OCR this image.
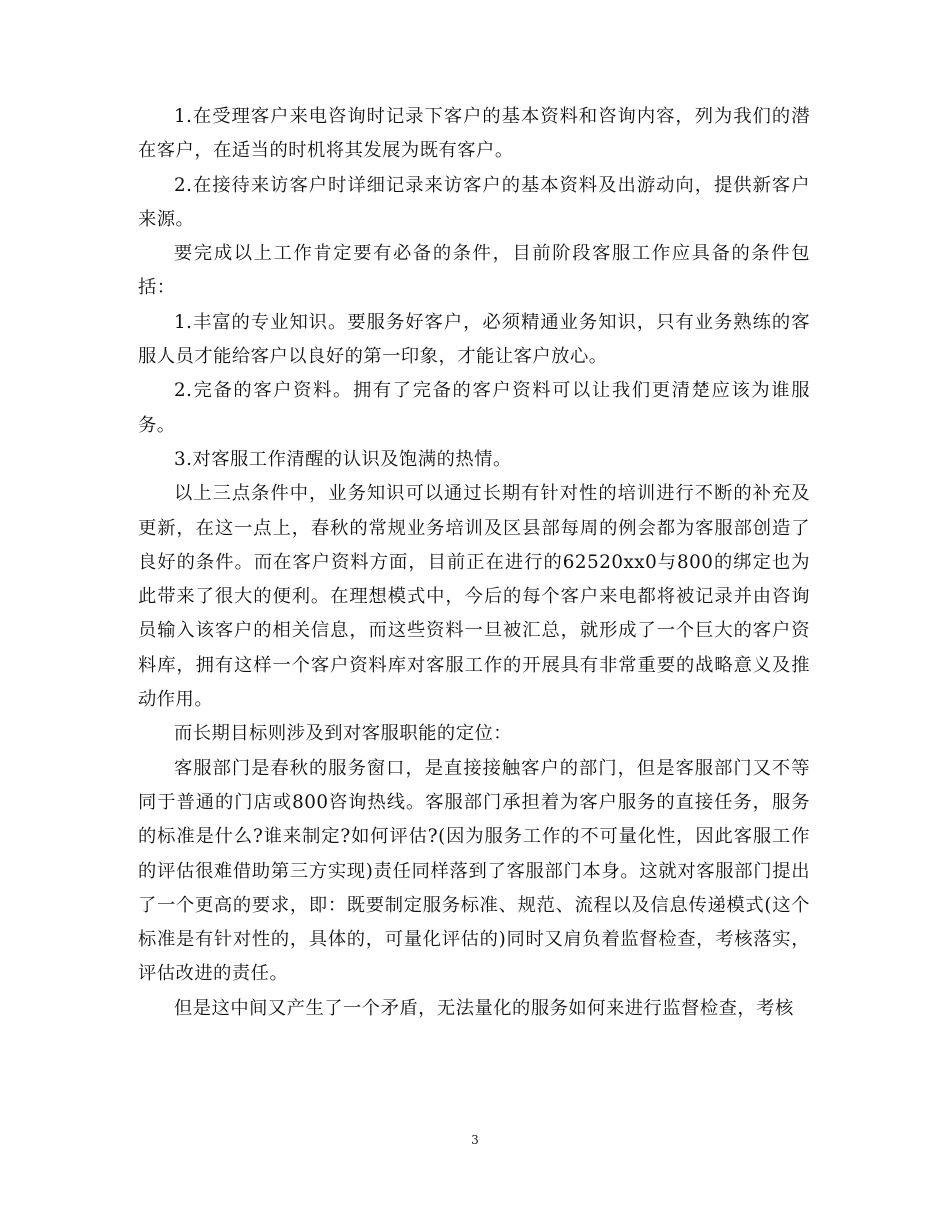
1.在受理客户来电咨询时记录下客户的基本资料和咨询内容，列为我们的潜在客户，在适当的时机将其发展为既有客户。

2.在接待来访客户时详细记录来访客户的基本资料及出游动向，提供新客户来源。

要完成以上工作肯定要有必备的条件，目前阶段客服工作应具备的条件包括：

1.丰富的专业知识。要服务好客户，必须精通业务知识，只有业务熟练的客服人员才能给客户以良好的第一印象，才能让客户放心。

2.完备的客户资料。拥有了完备的客户资料可以让我们更清楚应该为谁服务。

3.对客服工作清醒的认识及饱满的热情。

以上三点条件中，业务知识可以通过长期有针对性的培训进行不断的补充及更新，在这一点上，春秋的常规业务培训及区县部每周的例会都为客服部创造了良好的条件。而在客户资料方面，目前正在进行的62520xx0与800的绑定也为此带来了很大的便利。在理想模式中，今后的每个客户来电都将被记录并由咨询员输入该客户的相关信息，而这些资料一旦被汇总，就形成了一个巨大的客户资料库，拥有这样一个客户资料库对客服工作的开展具有非常重要的战略意义及推动作用。

而长期目标则涉及到对客服职能的定位：

客服部门是春秋的服务窗口，是直接接触客户的部门，但是客服部门又不等同于普通的门店或800咨询热线。客服部门承担着为客户服务的直接任务，服务的标准是什么?谁来制定?如何评估?(因为服务工作的不可量化性，因此客服工作的评估很难借助第三方实现)责任同样落到了客服部门本身。这就对客服部门提出了一个更高的要求，即：既要制定服务标准、规范、流程以及信息传递模式(这个标准是有针对性的，具体的，可量化评估的)同时又肩负着监督检查，考核落实，评估改进的责任。

但是这中间又产生了一个矛盾，无法量化的服务如何来进行监督检查，考核

3
